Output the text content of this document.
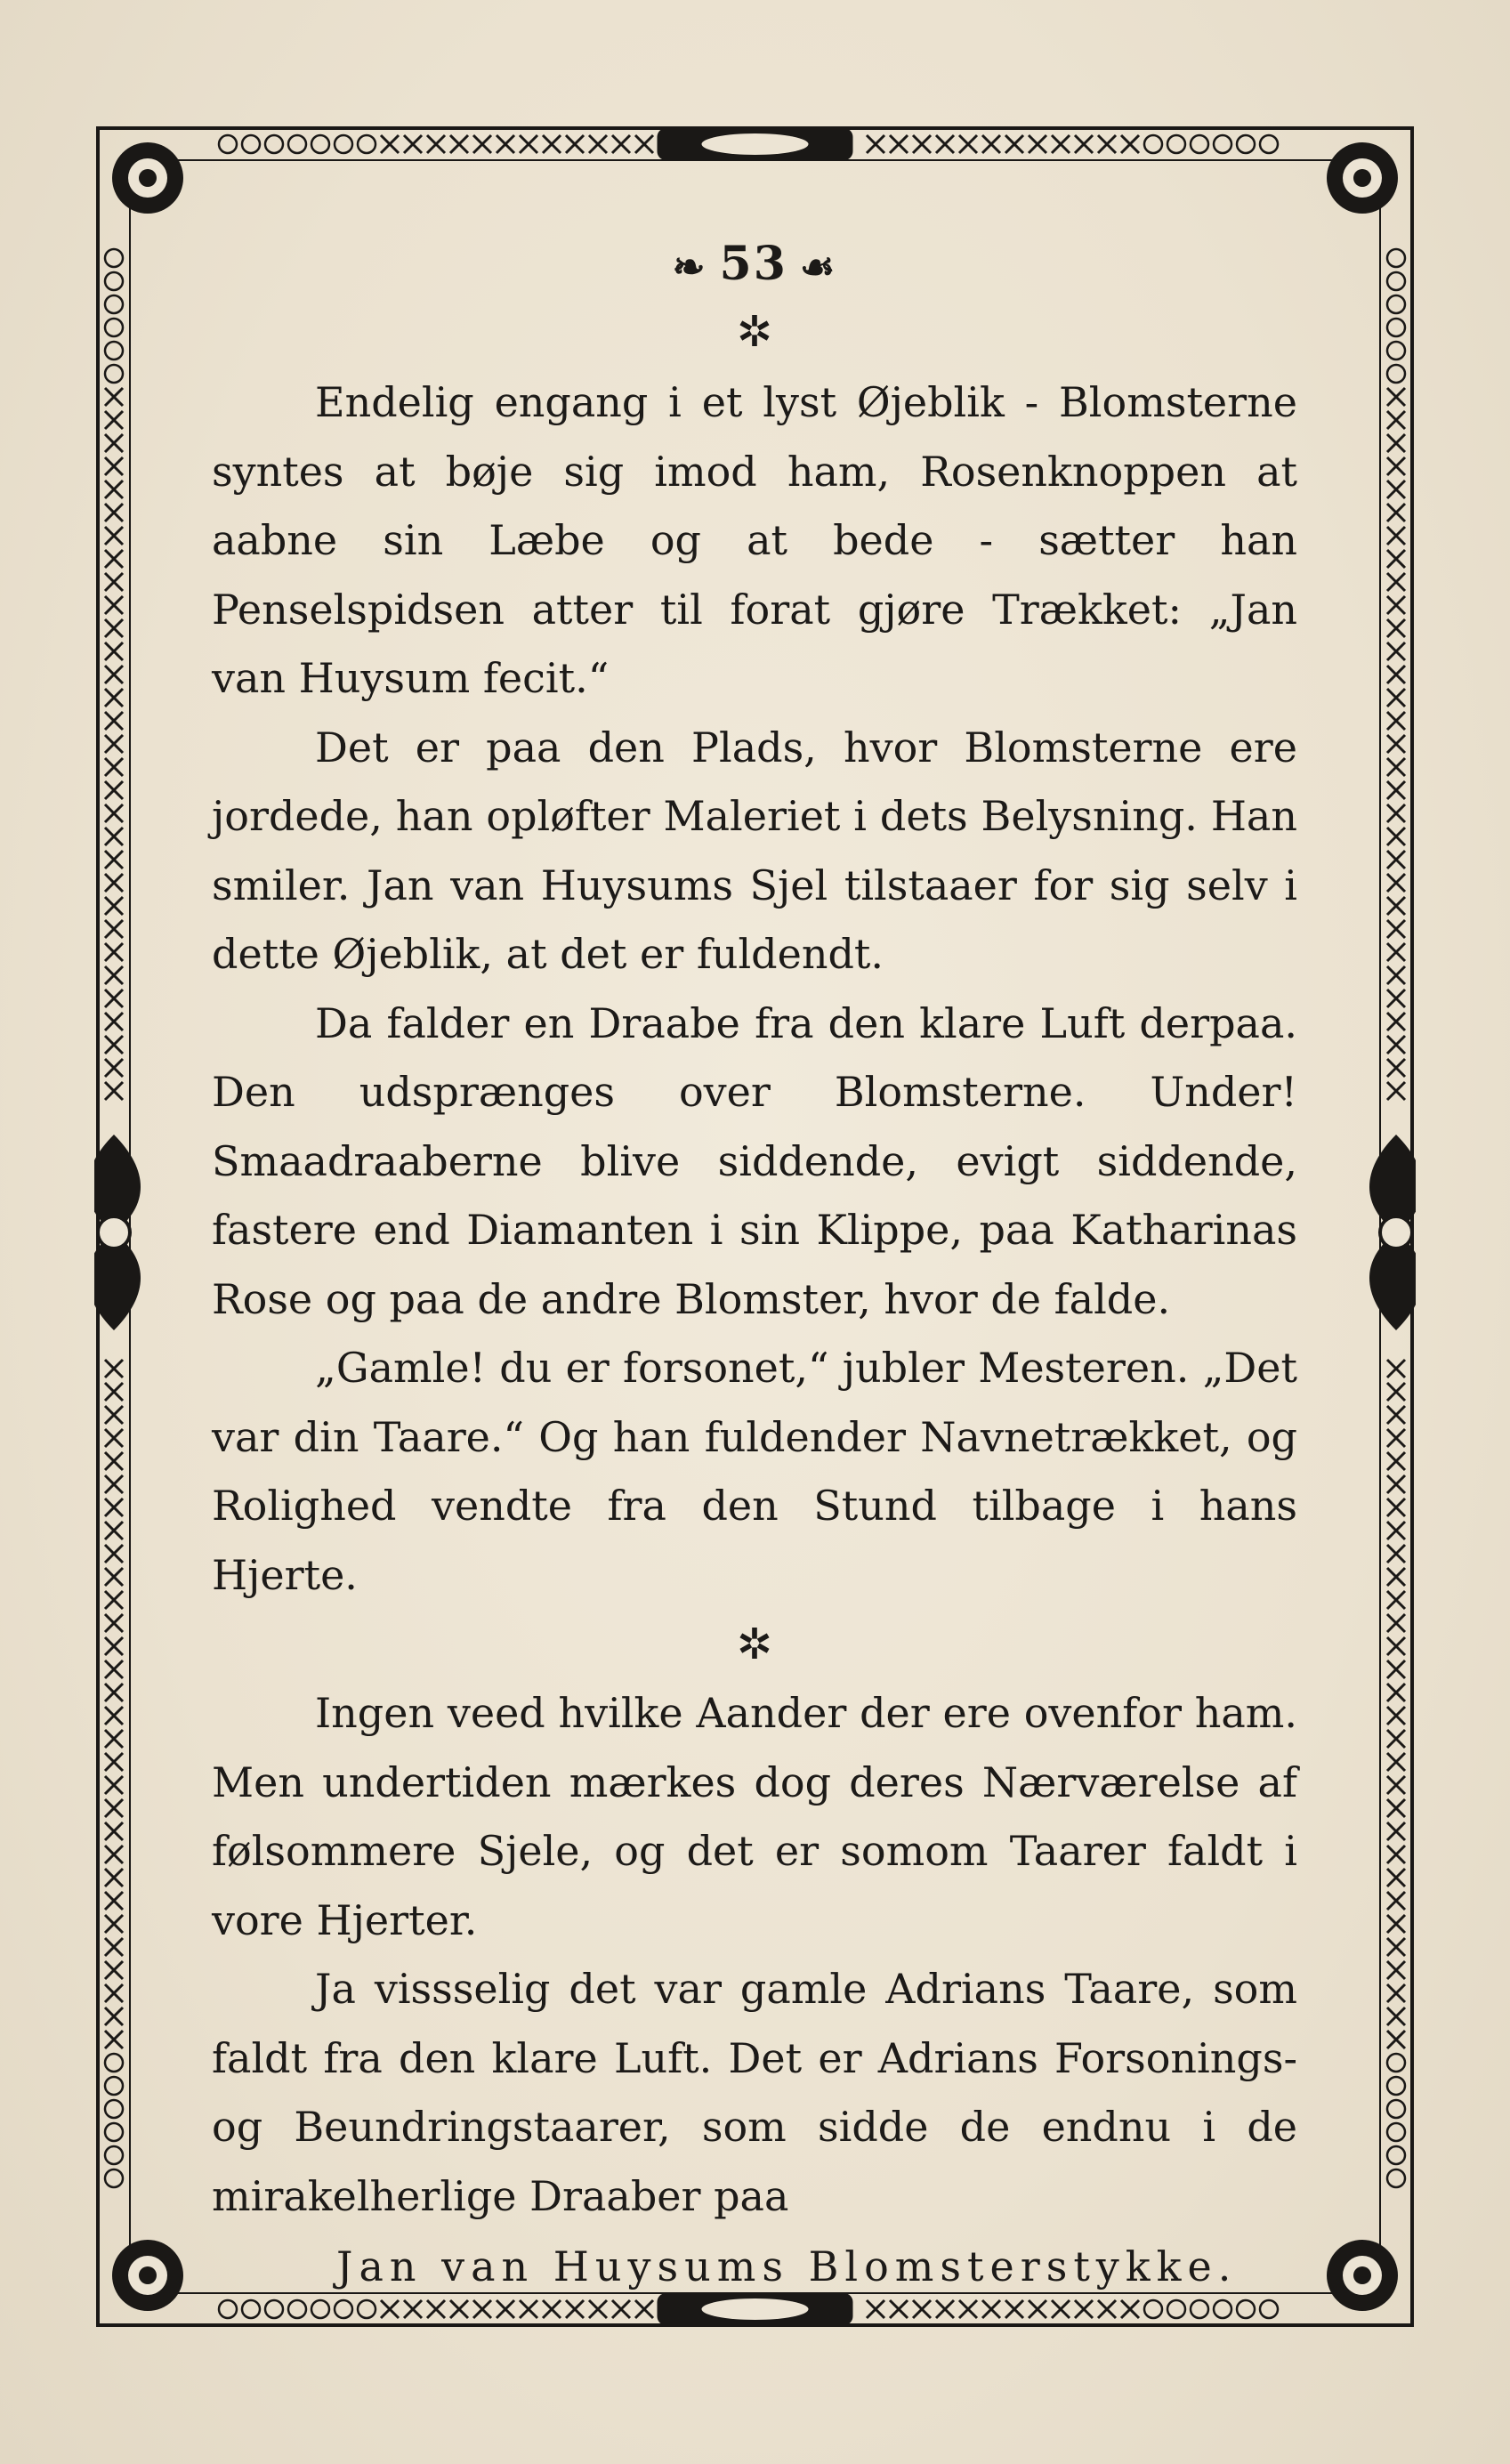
❧ 53 ☙
✲

Endelig engang i et lyst Øjeblik - Blomsterne syntes at bøje sig imod ham, Rosenknoppen at aabne sin Læbe og at bede - sætter han Penselspidsen atter til forat gjøre Trækket: „Jan van Huysum fecit.“

Det er paa den Plads, hvor Blomsterne ere jordede, han opløfter Maleriet i dets Belysning. Han smiler. Jan van Huysums Sjel tilstaaer for sig selv i dette Øjeblik, at det er fuldendt.

Da falder en Draabe fra den klare Luft derpaa. Den udsprænges over Blomsterne. Under! Smaadraaberne blive siddende, evigt siddende, fastere end Diamanten i sin Klippe, paa Katharinas Rose og paa de andre Blomster, hvor de falde.

„Gamle! du er forsonet,“ jubler Mesteren. „Det var din Taare.“ Og han fuldender Navnetrækket, og Rolighed vendte fra den Stund tilbage i hans Hjerte.

✲

Ingen veed hvilke Aander der ere ovenfor ham. Men undertiden mærkes dog deres Nærværelse af følsommere Sjele, og det er somom Taarer faldt i vore Hjerter.

Ja vissselig det var gamle Adrians Taare, som faldt fra den klare Luft. Det er Adrians Forsonings- og Beundringstaarer, som sidde de endnu i de mirakelherlige Draaber paa

Jan van Huysums Blomsterstykke.
